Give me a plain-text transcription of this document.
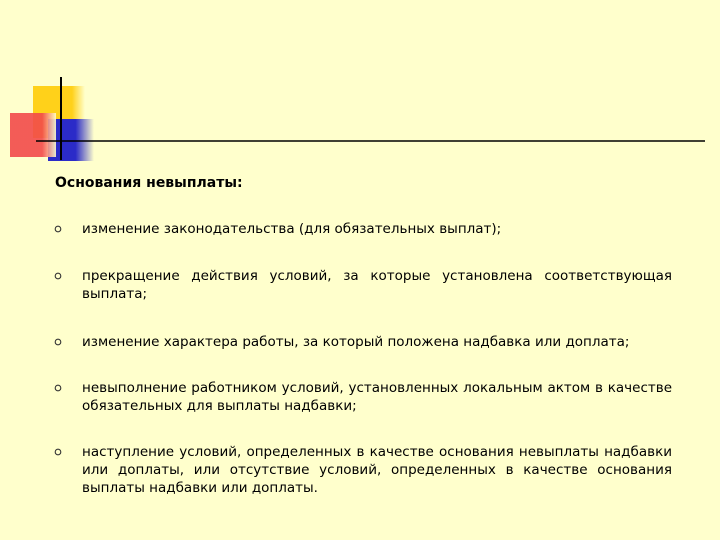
Основания невыплаты:
изменение законодательства (для обязательных выплат);
прекращение действия условий, за которые установлена соответствующая выплата;
изменение характера работы, за который положена надбавка или доплата;
невыполнение работником условий, установленных локальным актом в качестве обязательных для выплаты надбавки;
наступление условий, определенных в качестве основания невыплаты надбавки или доплаты, или отсутствие условий, определенных в качестве основания выплаты надбавки или доплаты.
